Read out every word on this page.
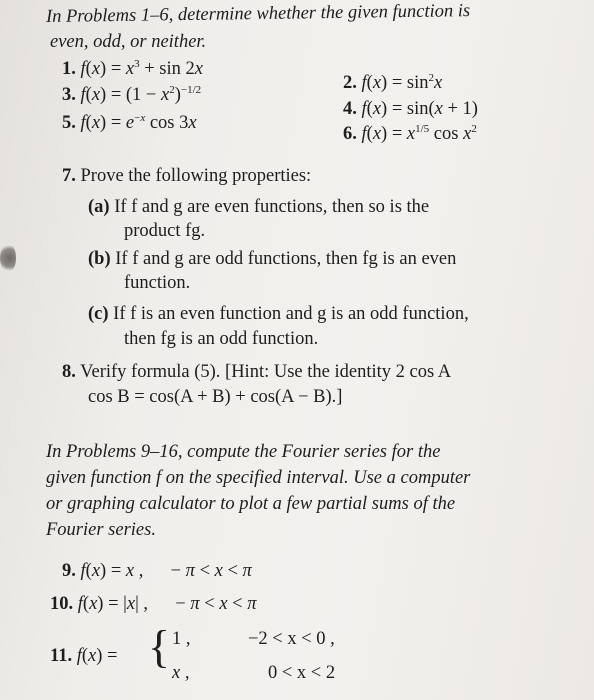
In Problems 1–6, determine whether the given function is
even, odd, or neither.
1. $f(x) = x^3 + \sin 2x$
2. $f(x) = \sin^2x$
3. $f(x) = (1 - x^2)^{-1/2}$
4. f(x) = sin(x + 1)
5. $f(x) = e^{-x}$ cos 3x
6. $f(x) = x^{1/5}$ $\cos x^2$
7. Prove the following properties:
(a) If f and g are even functions, then so is the
product fg.
(b) If f and g are odd functions, then fg is an even
function.
(c) If f is an even function and g is an odd function,
then fg is an odd function.
8. Verify formula (5). [Hint: Use the identity 2 cos A
cos B = cos(A + B) + cos(A − B).]
In Problems 9–16, compute the Fourier series for the
given function f on the specified interval. Use a computer
or graphing calculator to plot a few partial sums of the
Fourier series.
9. f(x) = x ,  − π < x < π
10. f(x) = |x| ,  − π < x < π
11. f(x) = { 1 ,	−2 < x < 0 ,
x ,	0 < x < 2
